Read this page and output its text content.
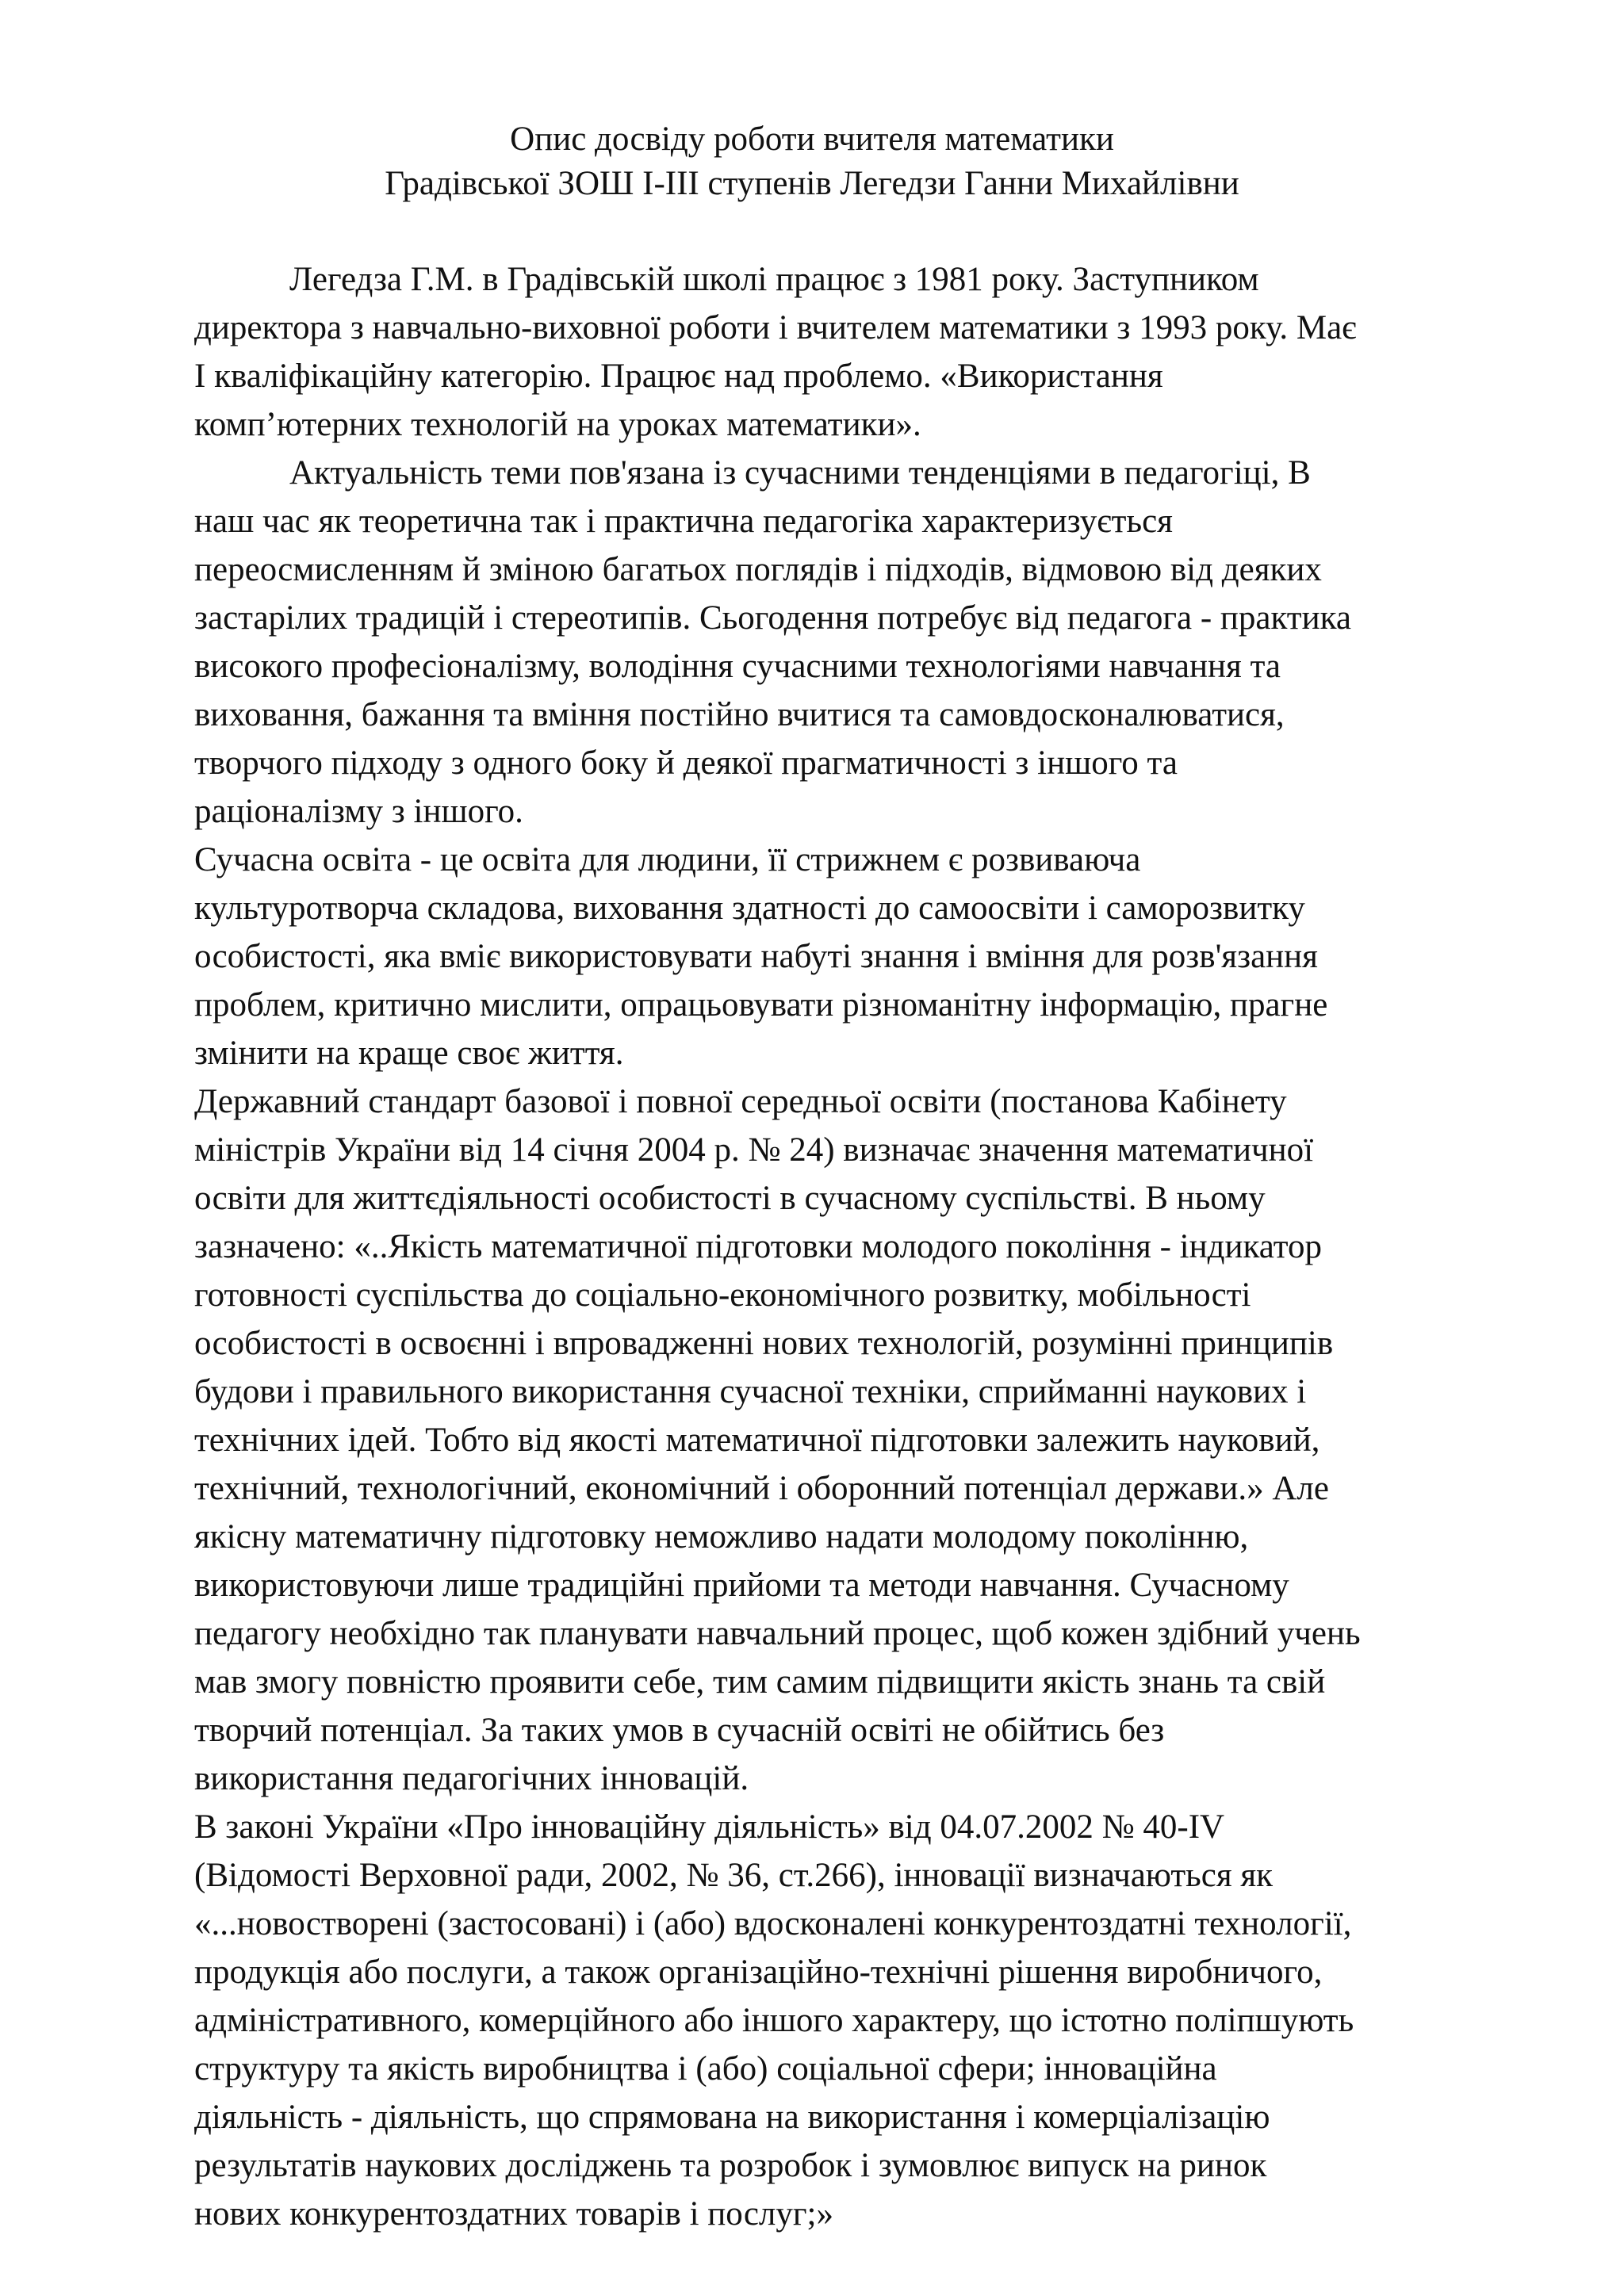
Опис досвіду роботи вчителя математики
Градівської ЗОШ І-ІІІ ступенів Легедзи Ганни Михайлівни

Легедза Г.М. в Градівській школі працює з 1981 року. Заступником
директора з навчально-виховної роботи і вчителем математики з 1993 року. Має
І кваліфікаційну категорію. Працює над проблемо. «Використання
комп’ютерних технологій на уроках математики».

Актуальність теми пов'язана із сучасними тенденціями в педагогіці, В
наш час як теоретична так і практична педагогіка характеризується
переосмисленням й зміною багатьох поглядів і підходів, відмовою від деяких
застарілих традицій і стереотипів. Сьогодення потребує від педагога - практика
високого професіоналізму, володіння сучасними технологіями навчання та
виховання, бажання та вміння постійно вчитися та самовдосконалюватися,
творчого підходу з одного боку й деякої прагматичності з іншого та
раціоналізму з іншого.

Сучасна освіта - це освіта для людини, її стрижнем є розвиваюча
культуротворча складова, виховання здатності до самоосвіти і саморозвитку
особистості, яка вміє використовувати набуті знання і вміння для розв'язання
проблем, критично мислити, опрацьовувати різноманітну інформацію, прагне
змінити на краще своє життя.

Державний стандарт базової і повної середньої освіти (постанова Кабінету
міністрів України від 14 січня 2004 р. № 24) визначає значення математичної
освіти для життєдіяльності особистості в сучасному суспільстві. В ньому
зазначено: «..Якість математичної підготовки молодого покоління - індикатор
готовності суспільства до соціально-економічного розвитку, мобільності
особистості в освоєнні і впровадженні нових технологій, розумінні принципів
будови і правильного використання сучасної техніки, сприйманні наукових і
технічних ідей. Тобто від якості математичної підготовки залежить науковий,
технічний, технологічний, економічний і оборонний потенціал держави.» Але
якісну математичну підготовку неможливо надати молодому поколінню,
використовуючи лише традиційні прийоми та методи навчання. Сучасному
педагогу необхідно так планувати навчальний процес, щоб кожен здібний учень
мав змогу повністю проявити себе, тим самим підвищити якість знань та свій
творчий потенціал. За таких умов в сучасній освіті не обійтись без
використання педагогічних інновацій.

В законі України «Про інноваційну діяльність» від 04.07.2002 № 40-IV
(Відомості Верховної ради, 2002, № 36, ст.266), інновації визначаються як
«...новостворені (застосовані) і (або) вдосконалені конкурентоздатні технології,
продукція або послуги, а також організаційно-технічні рішення виробничого,
адміністративного, комерційного або іншого характеру, що істотно поліпшують
структуру та якість виробництва і (або) соціальної сфери; інноваційна
діяльність - діяльність, що спрямована на використання і комерціалізацію
результатів наукових досліджень та розробок і зумовлює випуск на ринок
нових конкурентоздатних товарів і послуг;»
